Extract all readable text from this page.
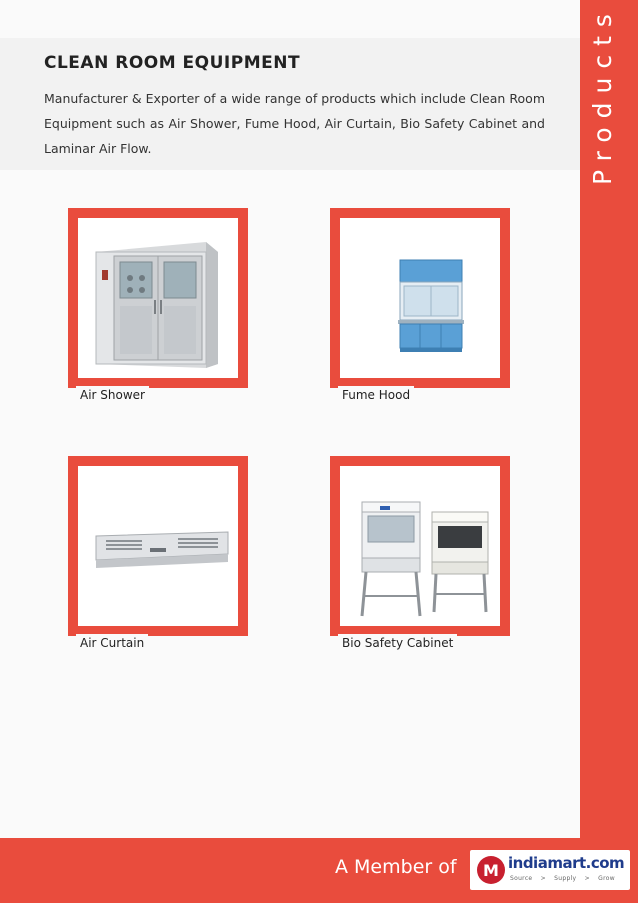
Products
CLEAN ROOM EQUIPMENT

Manufacturer & Exporter of a wide range of products which include Clean Room Equipment such as Air Shower, Fume Hood, Air Curtain, Bio Safety Cabinet and Laminar Air Flow.

Air Shower	Fume Hood
Air Curtain	Bio Safety Cabinet
A Member of M indiamart.com
Source > Supply > Grow
